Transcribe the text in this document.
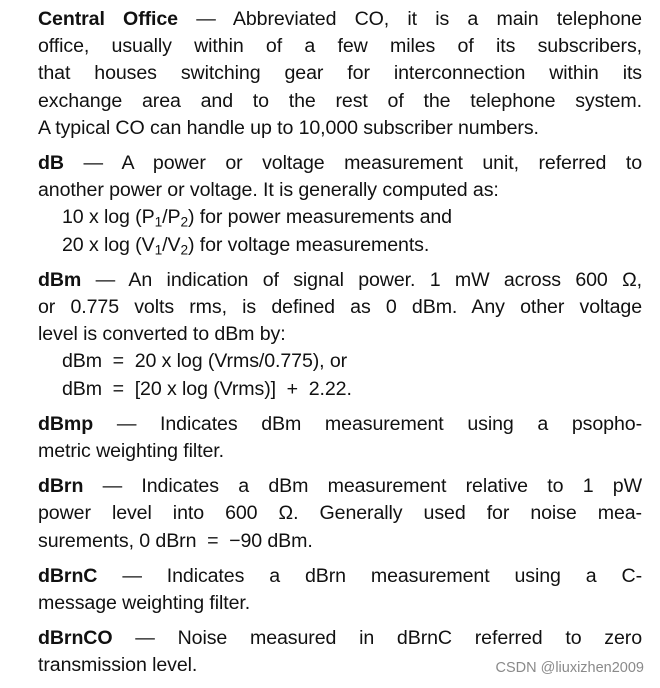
Central Office — Abbreviated CO, it is a main telephone
office, usually within of a few miles of its subscribers,
that houses switching gear for interconnection within its
exchange area and to the rest of the telephone system.
A typical CO can handle up to 10,000 subscriber numbers.
dB — A power or voltage measurement unit, referred to
another power or voltage. It is generally computed as:
10 x $\log (P_1/P_2)$ for power measurements and
20 x $\log (V_1/V_2)$ for voltage measurements.
dBm — An indication of signal power. 1 mW across 600 Ω,
or 0.775 volts rms, is defined as 0 dBm. Any other voltage
level is converted to dBm by:
dBm  =  20 x log (Vrms/0.775), or
dBm  =  [20 x log (Vrms)]  +  2.22.
dBmp — Indicates dBm measurement using a psopho-
metric weighting filter.
dBrn — Indicates a dBm measurement relative to 1 pW
power level into 600 Ω. Generally used for noise mea-
surements, 0 dBrn  =  −90 dBm.
dBrnC — Indicates a dBrn measurement using a C-
message weighting filter.
dBrnCO — Noise measured in dBrnC referred to zero
transmission level.	CSDN @liuxizhen2009
